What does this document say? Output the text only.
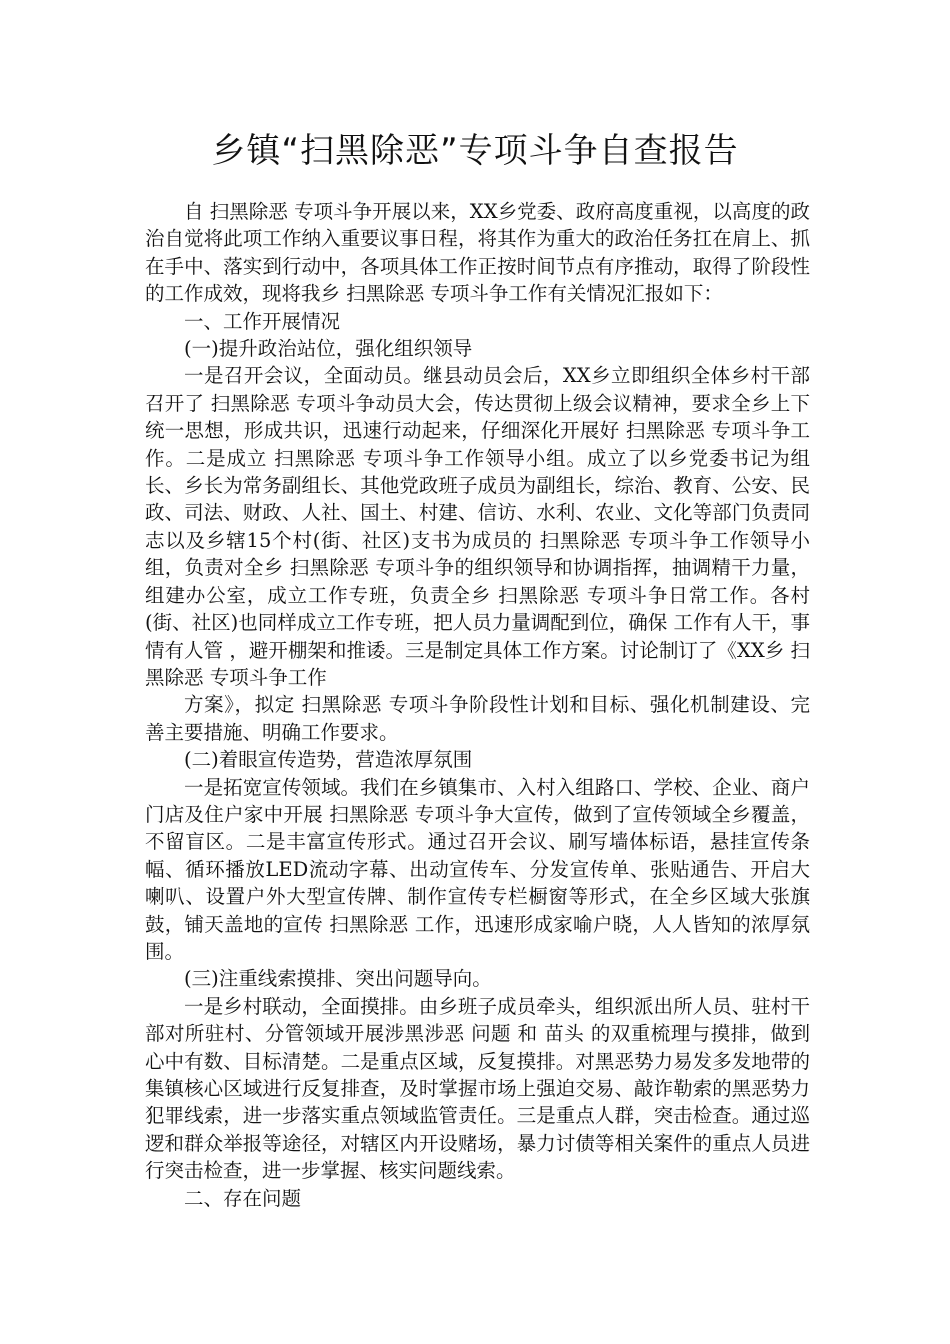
乡镇“扫黑除恶”专项斗争自查报告

自 扫黑除恶 专项斗争开展以来，XX乡党委、政府高度重视，以高度的政治自觉将此项工作纳入重要议事日程，将其作为重大的政治任务扛在肩上、抓在手中、落实到行动中，各项具体工作正按时间节点有序推动，取得了阶段性的工作成效，现将我乡 扫黑除恶 专项斗争工作有关情况汇报如下：

一、工作开展情况

(一)提升政治站位，强化组织领导

一是召开会议，全面动员。继县动员会后，XX乡立即组织全体乡村干部召开了 扫黑除恶 专项斗争动员大会，传达贯彻上级会议精神，要求全乡上下统一思想，形成共识，迅速行动起来，仔细深化开展好 扫黑除恶 专项斗争工作。二是成立 扫黑除恶 专项斗争工作领导小组。成立了以乡党委书记为组长、乡长为常务副组长、其他党政班子成员为副组长，综治、教育、公安、民政、司法、财政、人社、国土、村建、信访、水利、农业、文化等部门负责同志以及乡辖15个村(街、社区)支书为成员的 扫黑除恶 专项斗争工作领导小组，负责对全乡 扫黑除恶 专项斗争的组织领导和协调指挥，抽调精干力量，组建办公室，成立工作专班，负责全乡 扫黑除恶 专项斗争日常工作。各村(街、社区)也同样成立工作专班，把人员力量调配到位，确保 工作有人干，事情有人管 ，避开棚架和推诿。三是制定具体工作方案。讨论制订了《XX乡 扫黑除恶 专项斗争工作

方案》，拟定 扫黑除恶 专项斗争阶段性计划和目标、强化机制建设、完善主要措施、明确工作要求。

(二)着眼宣传造势，营造浓厚氛围

一是拓宽宣传领域。我们在乡镇集市、入村入组路口、学校、企业、商户门店及住户家中开展 扫黑除恶 专项斗争大宣传，做到了宣传领域全乡覆盖，不留盲区。二是丰富宣传形式。通过召开会议、刷写墙体标语，悬挂宣传条幅、循环播放LED流动字幕、出动宣传车、分发宣传单、张贴通告、开启大喇叭、设置户外大型宣传牌、制作宣传专栏橱窗等形式，在全乡区域大张旗鼓，铺天盖地的宣传 扫黑除恶 工作，迅速形成家喻户晓，人人皆知的浓厚氛围。

(三)注重线索摸排、突出问题导向。

一是乡村联动，全面摸排。由乡班子成员牵头，组织派出所人员、驻村干部对所驻村、分管领域开展涉黑涉恶 问题 和 苗头 的双重梳理与摸排，做到心中有数、目标清楚。二是重点区域，反复摸排。对黑恶势力易发多发地带的集镇核心区域进行反复排查，及时掌握市场上强迫交易、敲诈勒索的黑恶势力犯罪线索，进一步落实重点领域监管责任。三是重点人群，突击检查。通过巡逻和群众举报等途径，对辖区内开设赌场，暴力讨债等相关案件的重点人员进行突击检查，进一步掌握、核实问题线索。

二、存在问题
